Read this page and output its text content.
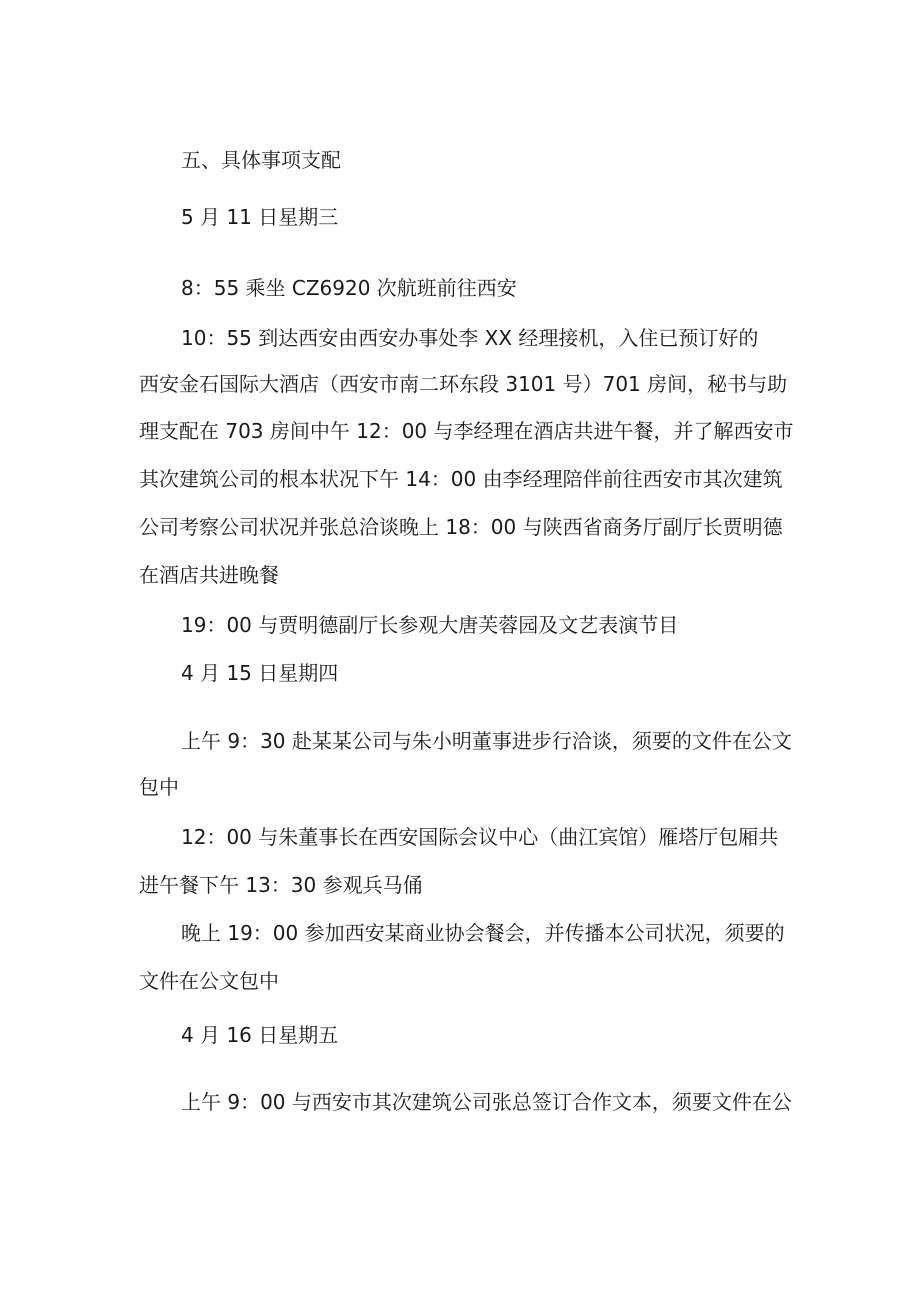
五、具体事项支配
5 月 11 日星期三
8：55 乘坐 CZ6920 次航班前往西安
10：55 到达西安由西安办事处李 XX 经理接机，入住已预订好的
西安金石国际大酒店（西安市南二环东段 3101 号）701 房间，秘书与助
理支配在 703 房间中午 12：00 与李经理在酒店共进午餐，并了解西安市
其次建筑公司的根本状况下午 14：00 由李经理陪伴前往西安市其次建筑
公司考察公司状况并张总洽谈晚上 18：00 与陕西省商务厅副厅长贾明德
在酒店共进晚餐
19：00 与贾明德副厅长参观大唐芙蓉园及文艺表演节目
4 月 15 日星期四
上午 9：30 赴某某公司与朱小明董事进步行洽谈，须要的文件在公文
包中
12：00 与朱董事长在西安国际会议中心（曲江宾馆）雁塔厅包厢共
进午餐下午 13：30 参观兵马俑
晚上 19：00 参加西安某商业协会餐会，并传播本公司状况，须要的
文件在公文包中
4 月 16 日星期五
上午 9：00 与西安市其次建筑公司张总签订合作文本，须要文件在公
